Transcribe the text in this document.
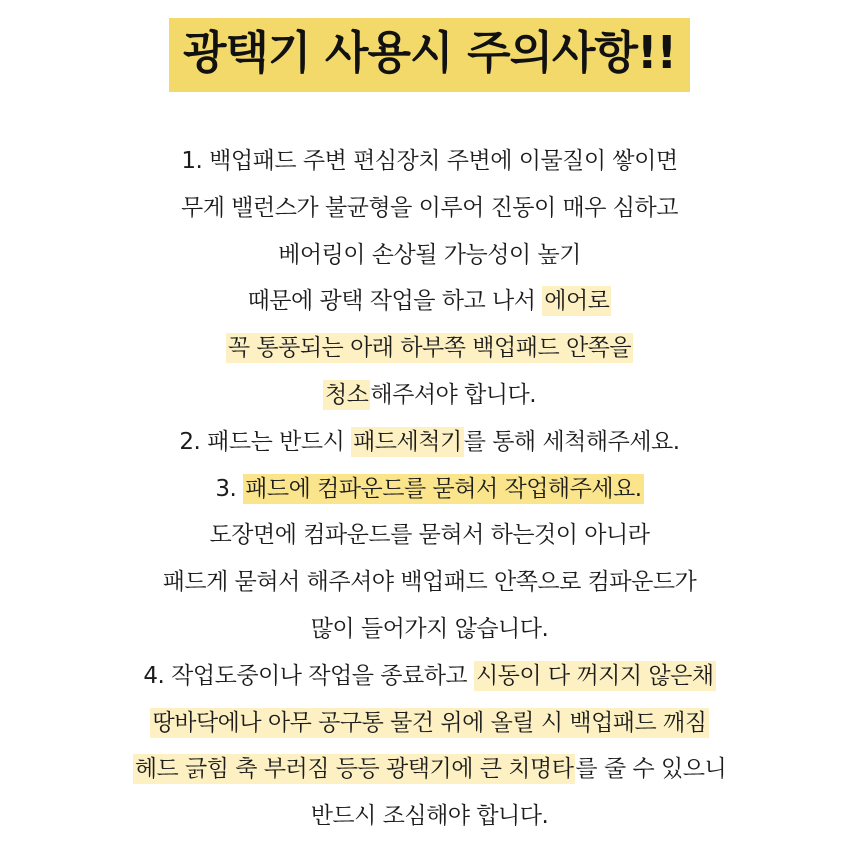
광택기 사용시 주의사항!!
1. 백업패드 주변 편심장치 주변에 이물질이 쌓이면
무게 밸런스가 불균형을 이루어 진동이 매우 심하고
베어링이 손상될 가능성이 높기
때문에 광택 작업을 하고 나서 에어로
꼭 통풍되는 아래 하부쪽 백업패드 안쪽을
청소해주셔야 합니다.
2. 패드는 반드시 패드세척기를 통해 세척해주세요.
3. 패드에 컴파운드를 묻혀서 작업해주세요.
도장면에 컴파운드를 묻혀서 하는것이 아니라
패드게 묻혀서 해주셔야 백업패드 안쪽으로 컴파운드가
많이 들어가지 않습니다.
4. 작업도중이나 작업을 종료하고 시동이 다 꺼지지 않은채
땅바닥에나 아무 공구통 물건 위에 올릴 시 백업패드 깨짐
헤드 긁힘 축 부러짐 등등 광택기에 큰 치명타를 줄 수 있으니
반드시 조심해야 합니다.
